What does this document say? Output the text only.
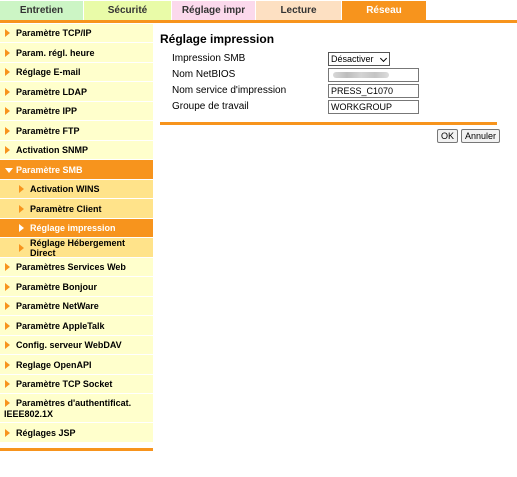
Entretien	Sécurité	Réglage impr	Lecture	Réseau
Paramètre TCP/IP
Param. régl. heure
Réglage E-mail
Paramètre LDAP
Paramètre IPP
Paramètre FTP
Activation SNMP
Paramètre SMB
Activation WINS
Paramètre Client
Réglage impression
Réglage Hébergement Direct
Paramètres Services Web
Paramètre Bonjour
Paramètre NetWare
Paramètre AppleTalk
Config. serveur WebDAV
Reglage OpenAPI
Paramètre TCP Socket
Paramètres d'authentificat.
IEEE802.1X
Réglages JSP
Réglage impression
Impression SMB	Désactiver
Nom NetBIOS
Nom service d'impression	PRESS_C1070
Groupe de travail	WORKGROUP
OK	Annuler
